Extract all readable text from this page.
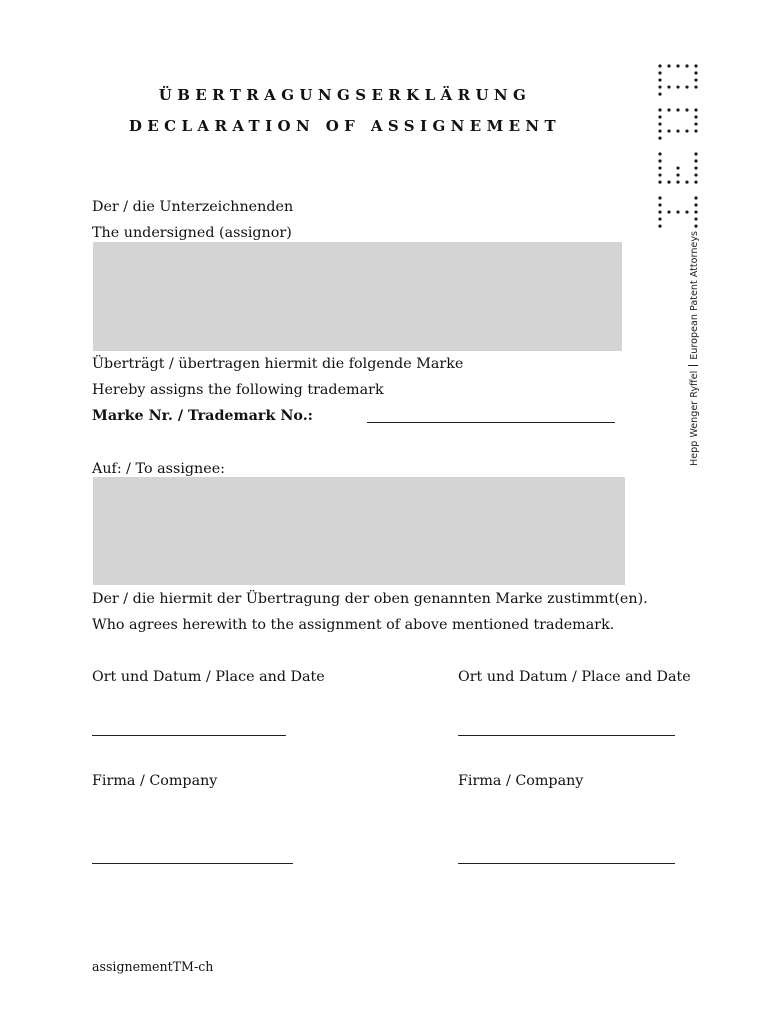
ÜBERTRAGUNGSERKLÄRUNG
DECLARATION OF ASSIGNEMENT
Der / die Unterzeichnenden
The undersigned (assignor)
Überträgt / übertragen hiermit die folgende Marke
Hereby assigns the following trademark
Marke Nr. / Trademark No.:
Auf: / To assignee:
Der / die hiermit der Übertragung der oben genannten Marke zustimmt(en).
Who agrees herewith to the assignment of above mentioned trademark.
Ort und Datum / Place and Date	Ort und Datum / Place and Date
Firma / Company	Firma / Company
assignementTM-ch
Hepp Wenger RyffelEuropean Patent Attorneys
